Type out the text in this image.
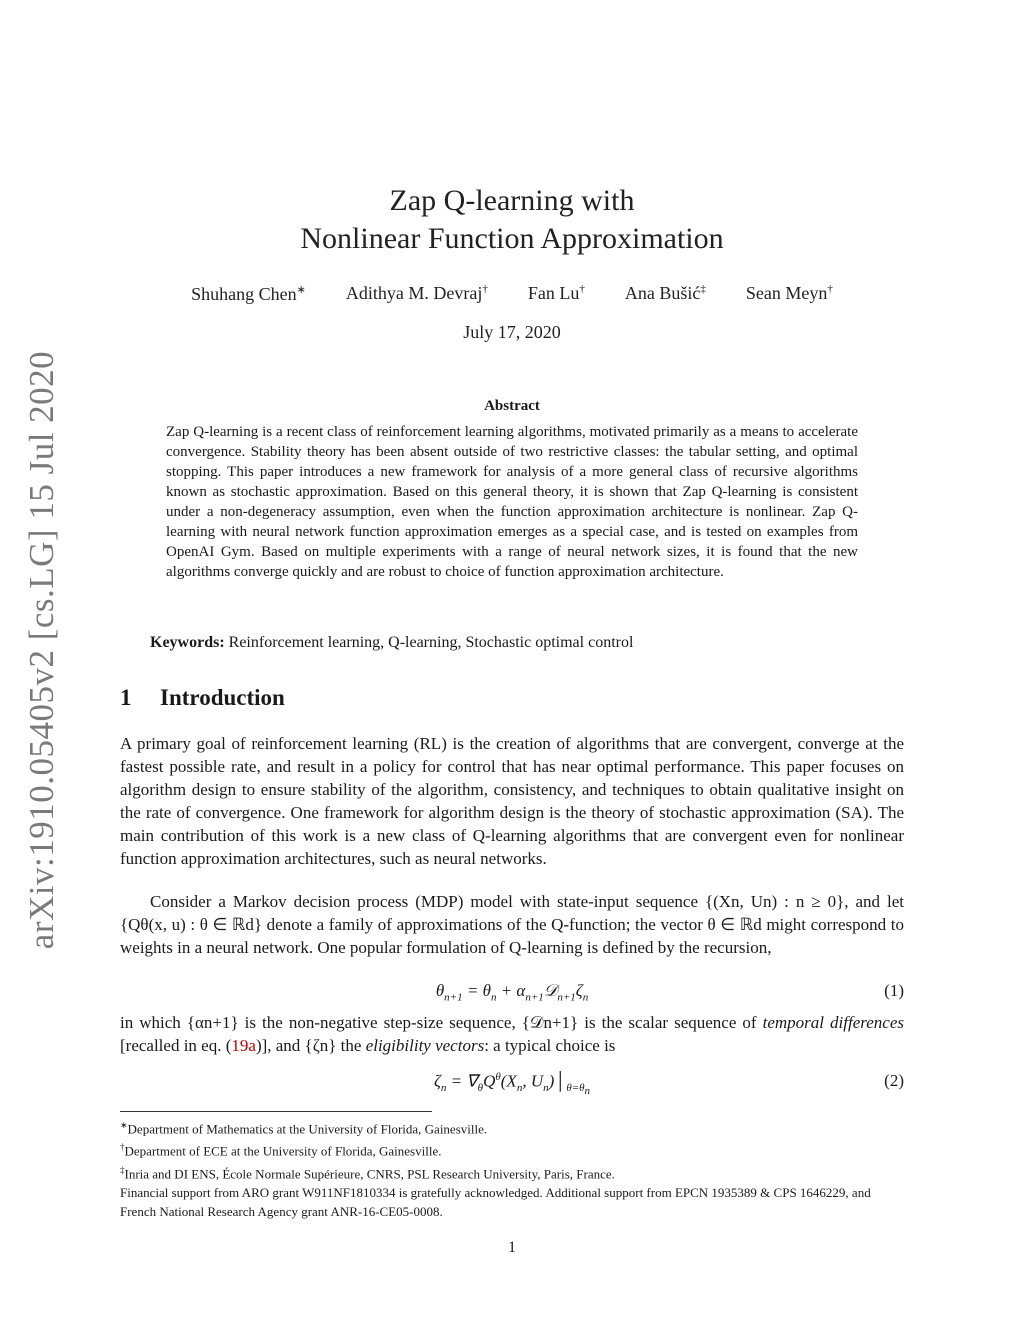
arXiv:1910.05405v2 [cs.LG] 15 Jul 2020
Zap Q-learning with
Nonlinear Function Approximation
Shuhang Chen∗ Adithya M. Devraj† Fan Lu† Ana Bušić‡ Sean Meyn†
July 17, 2020
Abstract
Zap Q-learning is a recent class of reinforcement learning algorithms, motivated primarily as a means to accelerate convergence. Stability theory has been absent outside of two restrictive classes: the tabular setting, and optimal stopping. This paper introduces a new framework for analysis of a more general class of recursive algorithms known as stochastic approximation. Based on this general theory, it is shown that Zap Q-learning is consistent under a non-degeneracy assumption, even when the function approximation architecture is nonlinear. Zap Q-learning with neural network function approximation emerges as a special case, and is tested on examples from OpenAI Gym. Based on multiple experiments with a range of neural network sizes, it is found that the new algorithms converge quickly and are robust to choice of function approximation architecture.
Keywords: Reinforcement learning, Q-learning, Stochastic optimal control
1 Introduction

A primary goal of reinforcement learning (RL) is the creation of algorithms that are convergent, converge at the fastest possible rate, and result in a policy for control that has near optimal performance. This paper focuses on algorithm design to ensure stability of the algorithm, consistency, and techniques to obtain qualitative insight on the rate of convergence. One framework for algorithm design is the theory of stochastic approximation (SA). The main contribution of this work is a new class of Q-learning algorithms that are convergent even for nonlinear function approximation architectures, such as neural networks.

Consider a Markov decision process (MDP) model with state-input sequence {(Xn, Un) : n ≥ 0}, and let {Qθ(x, u) : θ ∈ ℝd} denote a family of approximations of the Q-function; the vector θ ∈ ℝd might correspond to weights in a neural network. One popular formulation of Q-learning is defined by the recursion,

$\theta_{n+1} = \theta_n$ + $\alpha_{n+1}𝒟_{n+1}\zeta_n$	(1)

in which {αn+1} is the non-negative step-size sequence, {𝒟n+1} is the scalar sequence of temporal differences [recalled in eq. (19a)], and {ζn} the eligibility vectors: a typical choice is

$\zeta_n = \nabla_\theta Q^\theta(X_n$, $U_n)│_{\theta=\theta_n}$
(2)
∗Department of Mathematics at the University of Florida, Gainesville.
†Department of ECE at the University of Florida, Gainesville.
‡Inria and DI ENS, École Normale Supérieure, CNRS, PSL Research University, Paris, France.
Financial support from ARO grant W911NF1810334 is gratefully acknowledged. Additional support from EPCN 1935389 & CPS 1646229, and French National Research Agency grant ANR-16-CE05-0008.
1
